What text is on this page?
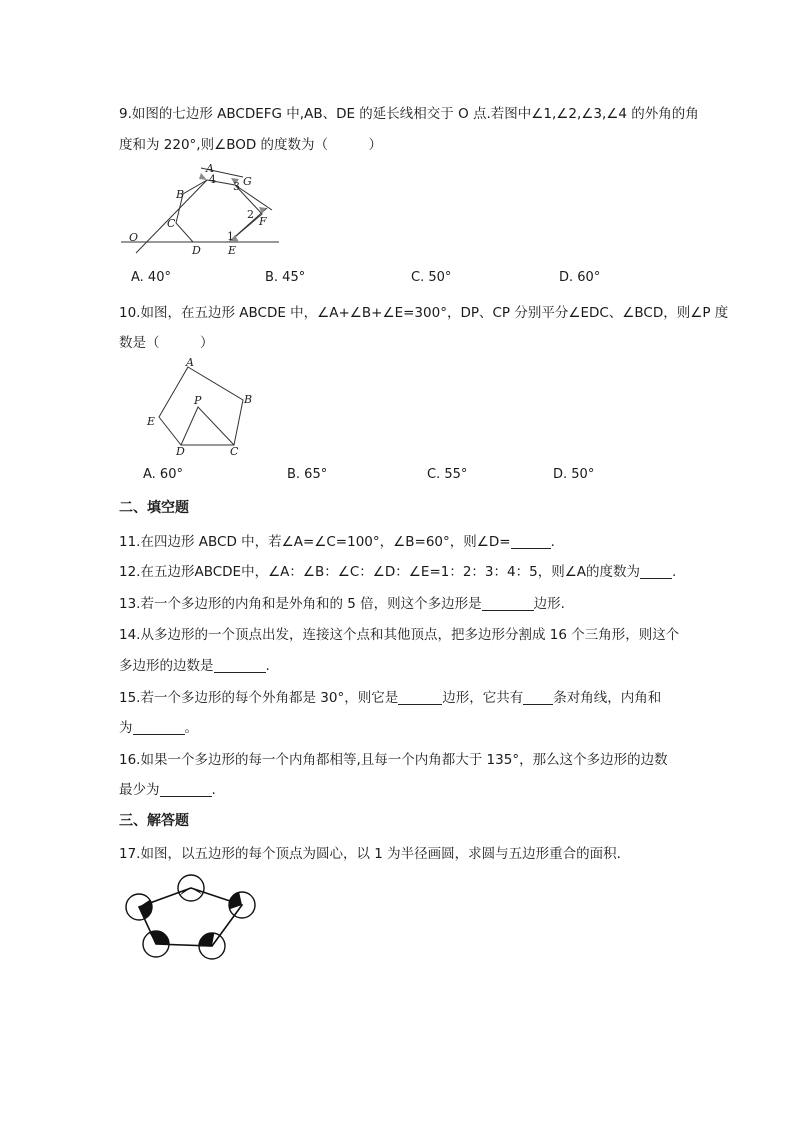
9.如图的七边形 ABCDEFG 中,AB、DE 的延长线相交于 O 点.若图中∠1,∠2,∠3,∠4 的外角的角
度和为 220°,则∠BOD 的度数为（　　　）
A
4
B
C
D E
1
3 G
2
F
O
A. 40°	B. 45°	C. 50°	D. 60°
10.如图，在五边形 ABCDE 中，∠A+∠B+∠E=300°，DP、CP 分别平分∠EDC、∠BCD，则∠P 度
数是（　　　）
A
B
P
E
D	C
A. 60°	B. 65°	C. 55°	D. 50°
二、填空题
11.在四边形 ABCD 中，若∠A=∠C=100°，∠B=60°，则∠D=	.
12.在五边形ABCDE中，∠A：∠B：∠C：∠D：∠E=1：2：3：4：5，则∠A的度数为 .
13.若一个多边形的内角和是外角和的 5 倍，则这个多边形是	边形.
14.从多边形的一个顶点出发，连接这个点和其他顶点，把多边形分割成 16 个三角形，则这个
多边形的边数是	.
15.若一个多边形的每个外角都是 30°，则它是	边形，它共有 条对角线，内角和
为	。
16.如果一个多边形的每一个内角都相等,且每一个内角都大于 135°，那么这个多边形的边数
最少为	.
三、解答题
17.如图，以五边形的每个顶点为圆心，以 1 为半径画圆，求圆与五边形重合的面积.
